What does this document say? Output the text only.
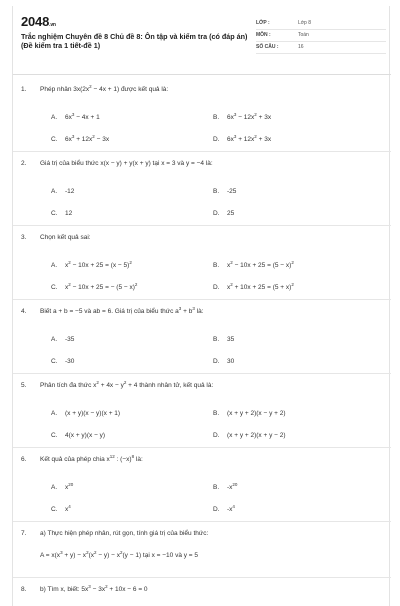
2048.vn
Trắc nghiệm Chuyên đề 8 Chủ đề 8: Ôn tập và kiểm tra (có đáp án) (Đề kiểm tra 1 tiết-đề 1)
LỚP :	Lớp 8
MÔN :	Toán
SỐ CÂU :	16
1. Phép nhân $3x(2x^2 - 4x + 1)$ được kết quả là:
A. $6x^3 - 4x + 1$	B. $6x^3 - 12x^2 + 3x$
C. $6x^3 + 12x^2 - 3x$	D. $6x^3 + 12x^2 + 3x$
2. Giá trị của biểu thức x(x − y) + y(x + y) tại x = 3 và y = −4 là:
A. -12	B. -25
C. 12	D. 25
3. Chọn kết quả sai:
A. $x^2 - 10x + 25 = (x - 5)^2$	B. $x^2 - 10x + 25 = (5 - x)^2$
C. $x^2 - 10x + 25$ = − $(5 - x)^2$	D. $x^2 + 10x + 25 = (5 + x)^2$
4. Biết a + b = −5 và ab = 6. Giá trị của biểu thức $a^3 + b^3$ là:
A. -35	B. 35
C. -30	D. 30
5. Phân tích đa thức $x^2 + 4x - y^2 + 4$ thành nhân tử, kết quả là:
A. (x + y)(x − y)(x + 1)	B. (x + y + 2)(x − y + 2)
C. 4(x + y)(x − y)	D. (x + y + 2)(x + y − 2)
6. Kết quả của phép chia $x^{12}$ : $(-x)^8$ là:
A. $x^{20}$	B. $-x^{20}$
C. $x^4$	D. $-x^4$
7. a) Thực hiện phép nhân, rút gọn, tính giá trị của biểu thức:
$A = x(x^3 + y) - x^2(x^2 - y) - x^2(y - 1)$ tại x = −10 và y = 5
8. b) Tìm x, biết: $5x^3 - 3x^2 + 10x - 6 = 0$
